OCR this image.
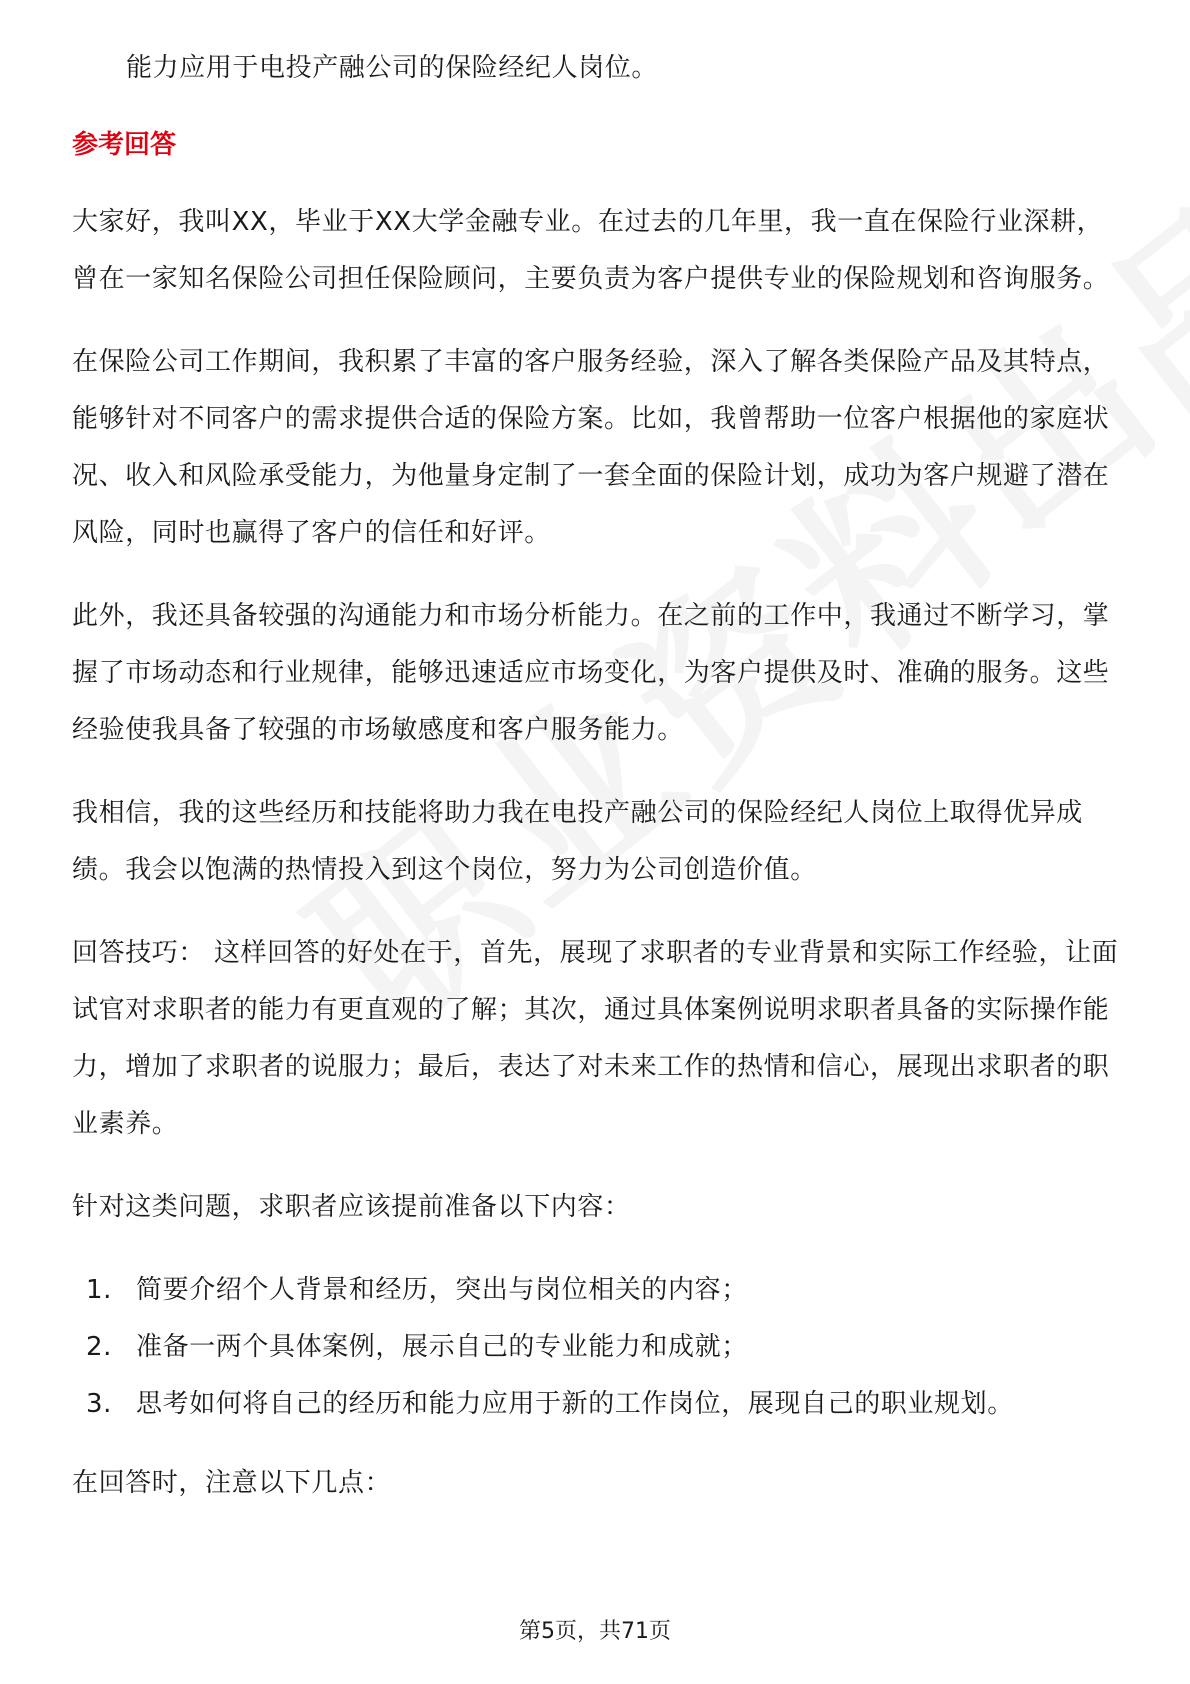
能力应用于电投产融公司的保险经纪人岗位。

参考回答

大家好，我叫XX，毕业于XX大学金融专业。在过去的几年里，我一直在保险行业深耕，曾在一家知名保险公司担任保险顾问，主要负责为客户提供专业的保险规划和咨询服务。

在保险公司工作期间，我积累了丰富的客户服务经验，深入了解各类保险产品及其特点，能够针对不同客户的需求提供合适的保险方案。比如，我曾帮助一位客户根据他的家庭状况、收入和风险承受能力，为他量身定制了一套全面的保险计划，成功为客户规避了潜在风险，同时也赢得了客户的信任和好评。

此外，我还具备较强的沟通能力和市场分析能力。在之前的工作中，我通过不断学习，掌握了市场动态和行业规律，能够迅速适应市场变化，为客户提供及时、准确的服务。这些经验使我具备了较强的市场敏感度和客户服务能力。

我相信，我的这些经历和技能将助力我在电投产融公司的保险经纪人岗位上取得优异成绩。我会以饱满的热情投入到这个岗位，努力为公司创造价值。

回答技巧： 这样回答的好处在于，首先，展现了求职者的专业背景和实际工作经验，让面试官对求职者的能力有更直观的了解；其次，通过具体案例说明求职者具备的实际操作能力，增加了求职者的说服力；最后，表达了对未来工作的热情和信心，展现出求职者的职业素养。

针对这类问题，求职者应该提前准备以下内容：

1. 简要介绍个人背景和经历，突出与岗位相关的内容；
2. 准备一两个具体案例，展示自己的专业能力和成就；
3. 思考如何将自己的经历和能力应用于新的工作岗位，展现自己的职业规划。

在回答时，注意以下几点：

第5页，共71页
